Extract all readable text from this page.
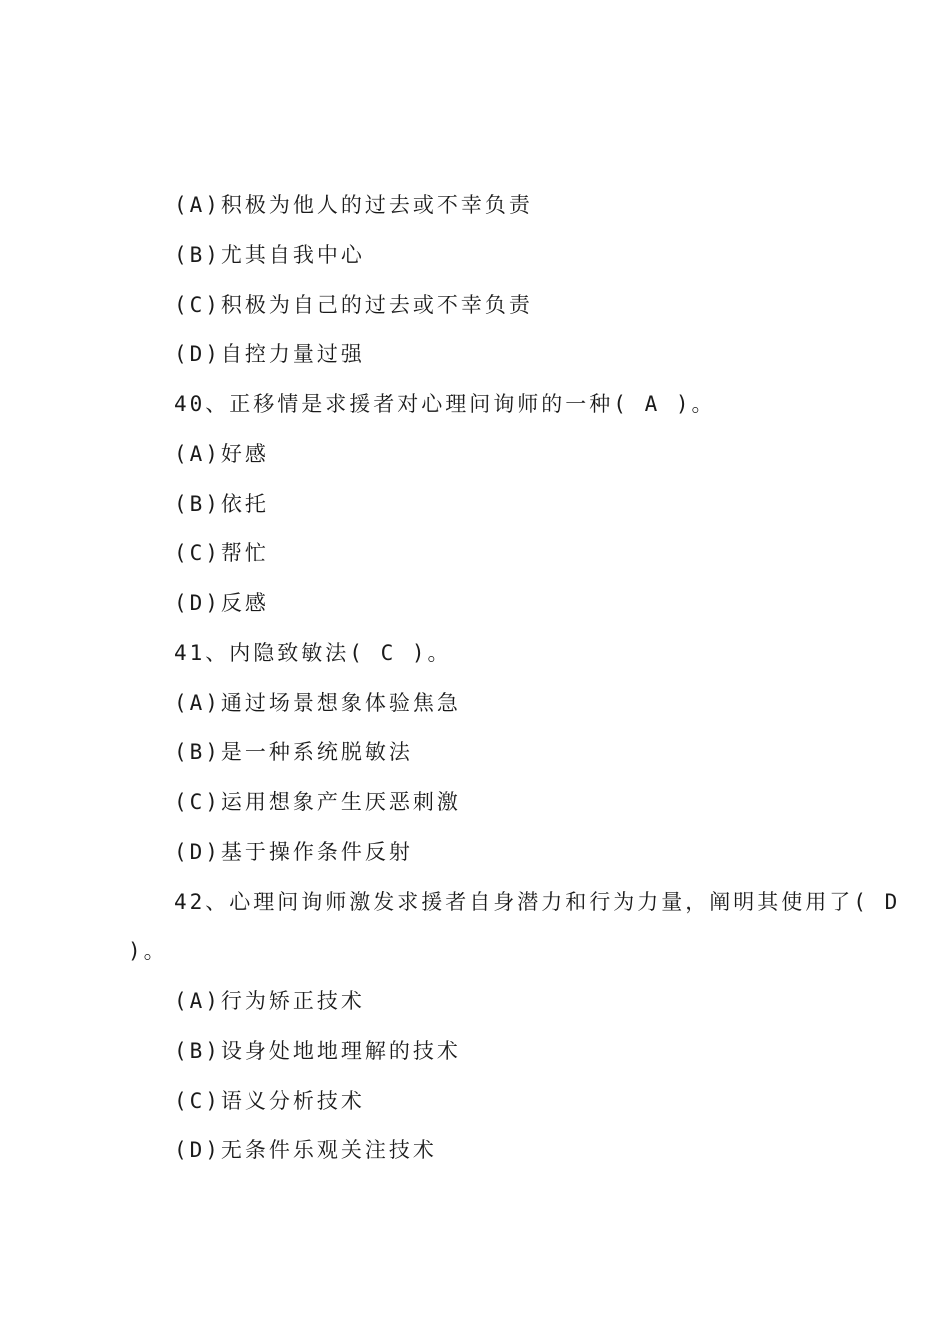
(A)积极为他人的过去或不幸负责
(B)尤其自我中心
(C)积极为自己的过去或不幸负责
(D)自控力量过强
40、正移情是求援者对心理问询师的一种( A )。
(A)好感
(B)依托
(C)帮忙
(D)反感
41、内隐致敏法( C )。
(A)通过场景想象体验焦急
(B)是一种系统脱敏法
(C)运用想象产生厌恶刺激
(D)基于操作条件反射
42、心理问询师激发求援者自身潜力和行为力量，阐明其使用了( D
)。
(A)行为矫正技术
(B)设身处地地理解的技术
(C)语义分析技术
(D)无条件乐观关注技术
